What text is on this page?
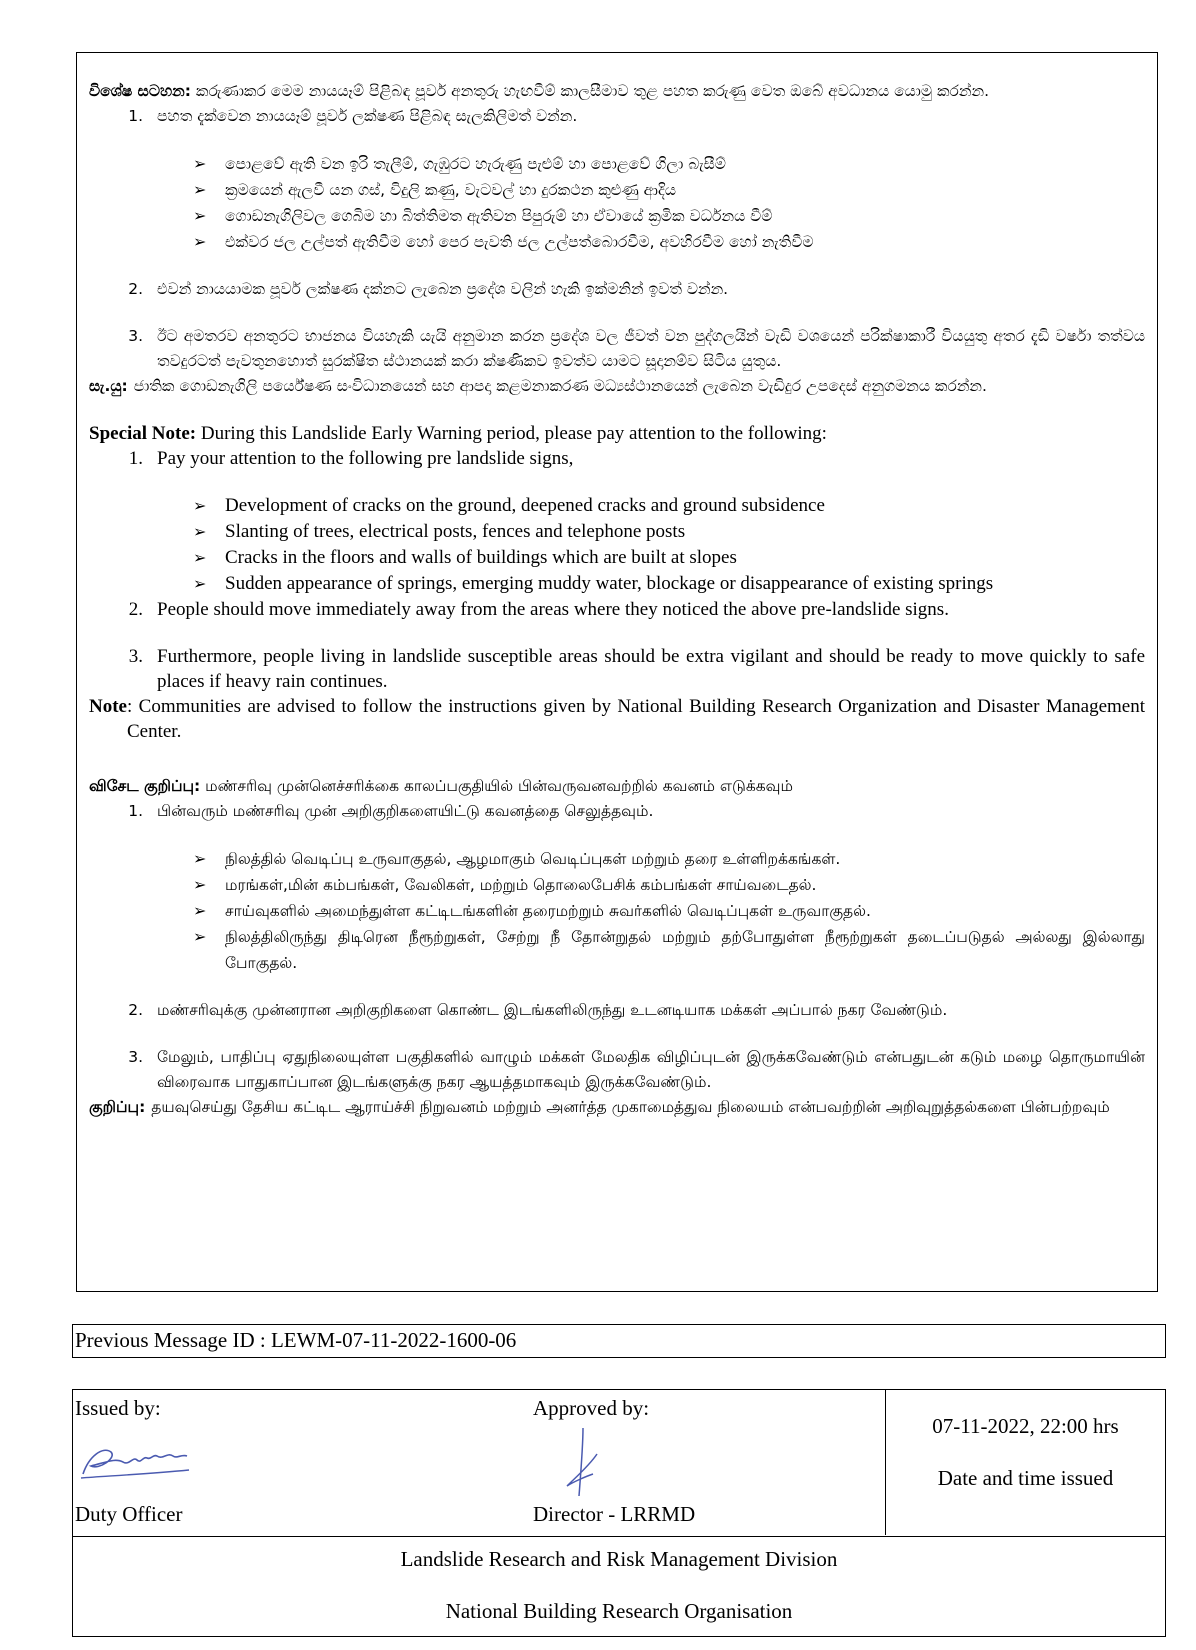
විශේෂ සටහන: කරුණාකර මෙම නායයෑම් පිළිබඳ පූර්ව අනතුරු හැඟවීම් කාලසීමාව තුළ පහත කරුණු වෙත ඔබේ අවධානය යොමු කරන්න.

1. පහත දැක්වෙන නායයෑම් පූර්ව ලක්ෂණ පිළිබඳ සැලකිලිමත් වන්න.
➢	පොළවේ ඇති වන ඉරි තැලීම්, ගැඹුරට හැරුණු පැළුම් හා පොළවේ ගිලා බැසීම්
➢	ක්‍රමයෙන් ඇලවී යන ගස්, විදුලි කණු, වැටවල් හා දුරකථන කුළුණු ආදිය
➢	ගොඩනැගිලිවල ගෙබිම හා බිත්තිමත ඇතිවන පිපුරුම් හා ඒවායේ ක්‍රමික වර්ධනය වීම්
➢	එක්වර ජල උල්පත් ඇතිවීම හෝ පෙර පැවති ජල උල්පත්බොරවීම, අවහිරවීම හෝ නැතිවීම
2. එවන් නායයාමක පූර්ව ලක්ෂණ දක්නට ලැබෙන ප්‍රදේශ වලින් හැකි ඉක්මනින් ඉවත් වන්න.
3. ඊට අමතරව අනතුරට භාජනය වියහැකි යැයි අනුමාන කරන ප්‍රදේශ වල ජීවත් වන පුද්ගලයින් වැඩි වශයෙන් පරික්ෂාකාරී වියයුතු අතර දැඩි වර්ෂා තත්වය තවදුරටත් පැවතුනහොත් සුරක්ෂිත ස්ථානයක් කරා ක්ෂණිකව ඉවත්ව යාමට සූදානම්ව සිටිය යුතුය.
සැ.යු: ජාතික ගොඩනැගිලි පර්යේෂණ සංවිධානයෙන් සහ ආපදා කළමනාකරණ මධ්‍යස්ථානයෙන් ලැබෙන වැඩිදුර උපදෙස් අනුගමනය කරන්න.

Special Note: During this Landslide Early Warning period, please pay attention to the following:

1. Pay your attention to the following pre landslide signs,
➢ Development of cracks on the ground, deepened cracks and ground subsidence
➢ Slanting of trees, electrical posts, fences and telephone posts
➢ Cracks in the floors and walls of buildings which are built at slopes
➢ Sudden appearance of springs, emerging muddy water, blockage or disappearance of existing springs
2. People should move immediately away from the areas where they noticed the above pre-landslide signs.
3. Furthermore, people living in landslide susceptible areas should be extra vigilant and should be ready to move quickly to safe places if heavy rain continues.
Note : Communities are advised to follow the instructions given by National Building Research Organization and Disaster Management Center.

விசேட குறிப்பு: மண்சரிவு முன்னெச்சரிக்கை காலப்பகுதியில் பின்வருவனவற்றில் கவனம் எடுக்கவும்

1. பின்வரும் மண்சரிவு முன் அறிகுறிகளையிட்டு கவனத்தை செலுத்தவும்.
➢	நிலத்தில் வெடிப்பு உருவாகுதல், ஆழமாகும் வெடிப்புகள் மற்றும் தரை உள்ளிறக்கங்கள்.
➢	மரங்கள்,மின் கம்பங்கள், வேலிகள், மற்றும் தொலைபேசிக் கம்பங்கள் சாய்வடைதல்.
➢	சாய்வுகளில் அமைந்துள்ள கட்டிடங்களின் தரைமற்றும் சுவர்களில் வெடிப்புகள் உருவாகுதல்.
➢	நிலத்திலிருந்து திடிரென நீரூற்றுகள், சேற்று நீ தோன்றுதல் மற்றும் தற்போதுள்ள நீரூற்றுகள் தடைப்படுதல் அல்லது இல்லாது போகுதல்.
2. மண்சரிவுக்கு முன்னரான அறிகுறிகளை கொண்ட இடங்களிலிருந்து உடனடியாக மக்கள் அப்பால் நகர வேண்டும்.
3. மேலும், பாதிப்பு ஏதுநிலையுள்ள பகுதிகளில் வாழும் மக்கள் மேலதிக விழிப்புடன் இருக்கவேண்டும் என்பதுடன் கடும் மழை தொருமாயின் விரைவாக பாதுகாப்பான இடங்களுக்கு நகர ஆயத்தமாகவும் இருக்கவேண்டும்.
குறிப்பு: தயவுசெய்து தேசிய கட்டிட ஆராய்ச்சி நிறுவனம் மற்றும் அனர்த்த முகாமைத்துவ நிலையம் என்பவற்றின் அறிவுறுத்தல்களை பின்பற்றவும்
Previous Message ID : LEWM-07-11-2022-1600-06
Issued by:
Duty Officer
Approved by:
Director - LRRMD
07-11-2022, 22:00 hrs
Date and time issued
Landslide Research and Risk Management Division
National Building Research Organisation
